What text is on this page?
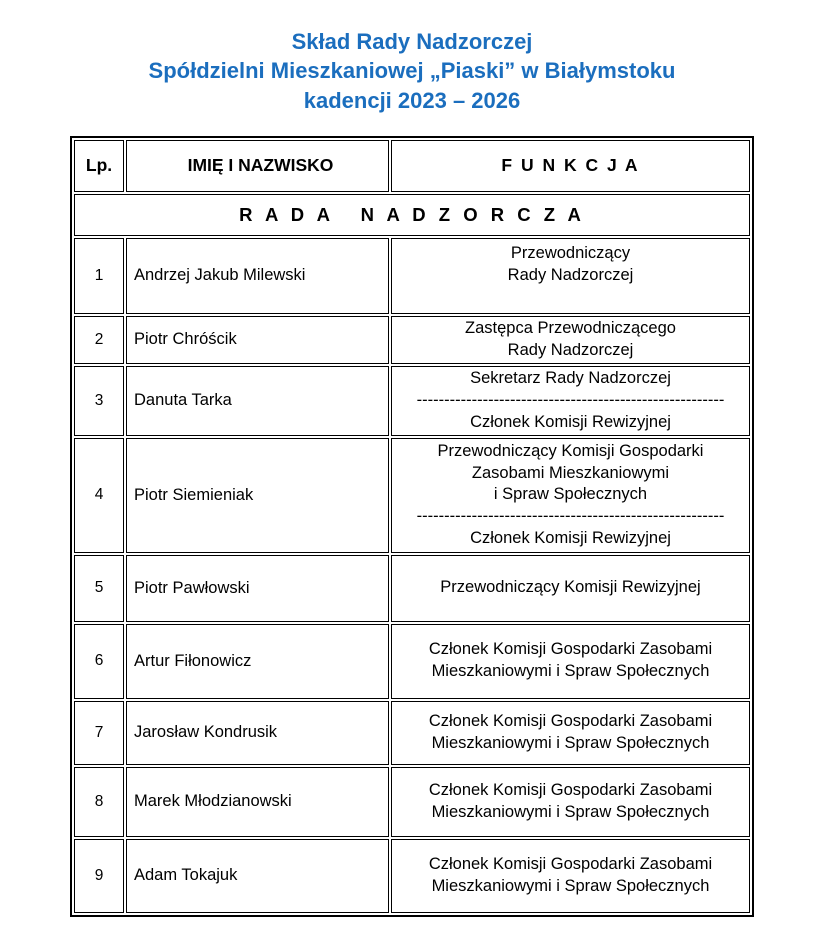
Skład Rady Nadzorczej
Spółdzielni Mieszkaniowej „Piaski” w Białymstoku
kadencji 2023 – 2026
Lp.	IMIĘ I NAZWISKO	F U N K C J A
R A D A   N A D Z O R C Z A		
1	Andrzej Jakub Milewski	Przewodniczący
Rady Nadzorczej

2	Piotr Chróścik	Zastępca Przewodniczącego
Rady Nadzorczej

3	Danuta Tarka	Sekretarz Rady Nadzorczej
--------------------------------------------------------
Członek Komisji Rewizyjnej

4	Piotr Siemieniak	Przewodniczący Komisji Gospodarki
Zasobami Mieszkaniowymi
i Spraw Społecznych
--------------------------------------------------------
Członek Komisji Rewizyjnej

5	Piotr Pawłowski	Przewodniczący Komisji Rewizyjnej

6	Artur Fiłonowicz	Członek Komisji Gospodarki Zasobami
Mieszkaniowymi i Spraw Społecznych

7	Jarosław Kondrusik	Członek Komisji Gospodarki Zasobami
Mieszkaniowymi i Spraw Społecznych

8	Marek Młodzianowski	Członek Komisji Gospodarki Zasobami
Mieszkaniowymi i Spraw Społecznych

9	Adam Tokajuk	Członek Komisji Gospodarki Zasobami
Mieszkaniowymi i Spraw Społecznych
